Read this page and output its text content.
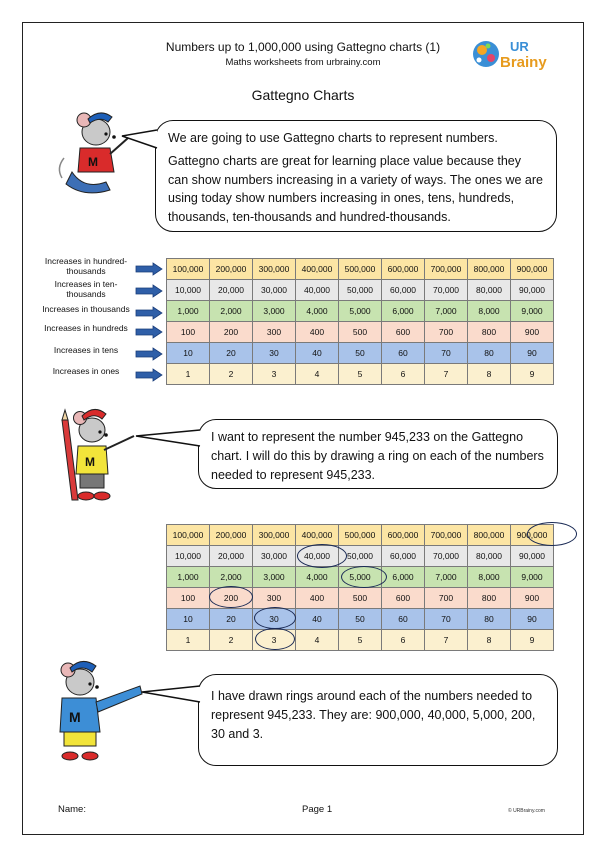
Numbers up to 1,000,000 using Gattegno charts (1)
Maths worksheets from urbrainy.com
UR
Brainy
Gattegno Charts
M

We are going to use Gattegno charts to represent numbers.

Gattegno charts are great for learning place value because they can show numbers increasing in a variety of ways. The ones we are using today show numbers increasing in ones, tens, hundreds, thousands, ten-thousands and hundred-thousands.

Increases in hundred-thousands
Increases in ten-thousands
Increases in thousands
Increases in hundreds
Increases in tens
Increases in ones
100,000	200,000	300,000	400,000	500,000	600,000	700,000	800,000	900,000
10,000	20,000	30,000	40,000	50,000	60,000	70,000	80,000	90,000
1,000	2,000	3,000	4,000	5,000	6,000	7,000	8,000	9,000
100	200	300	400	500	600	700	800	900
10	20	30	40	50	60	70	80	90
1	2	3	4	5	6	7	8	9
M

I want to represent the number 945,233 on the Gattegno chart. I will do this by drawing a ring on each of the numbers needed to represent 945,233.

100,000	200,000	300,000	400,000	500,000	600,000	700,000	800,000	900,000
10,000	20,000	30,000	40,000	50,000	60,000	70,000	80,000	90,000
1,000	2,000	3,000	4,000	5,000	6,000	7,000	8,000	9,000
100	200	300	400	500	600	700	800	900
10	20	30	40	50	60	70	80	90
1	2	3	4	5	6	7	8	9
M

I have drawn rings around each of the numbers needed to represent 945,233. They are: 900,000, 40,000, 5,000, 200, 30 and 3.

Name:	Page 1	© URBrainy.com
